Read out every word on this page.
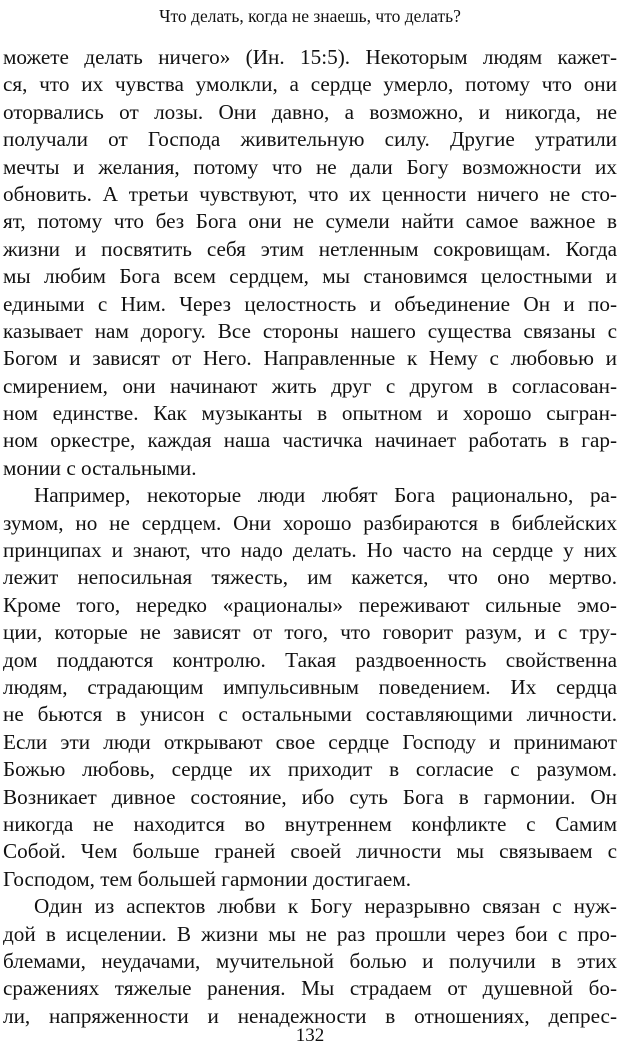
Что делать, когда не знаешь, что делать?
можете делать ничего» (Ин. 15:5). Некоторым людям кажет-
ся, что их чувства умолкли, а сердце умерло, потому что они
оторвались от лозы. Они давно, а возможно, и никогда, не
получали от Господа живительную силу. Другие утратили
мечты и желания, потому что не дали Богу возможности их
обновить. А третьи чувствуют, что их ценности ничего не сто-
ят, потому что без Бога они не сумели найти самое важное в
жизни и посвятить себя этим нетленным сокровищам. Когда
мы любим Бога всем сердцем, мы становимся целостными и
едиными с Ним. Через целостность и объединение Он и по-
казывает нам дорогу. Все стороны нашего существа связаны с
Богом и зависят от Него. Направленные к Нему с любовью и
смирением, они начинают жить друг с другом в согласован-
ном единстве. Как музыканты в опытном и хорошо сыгран-
ном оркестре, каждая наша частичка начинает работать в гар-
монии с остальными.
Например, некоторые люди любят Бога рационально, ра-
зумом, но не сердцем. Они хорошо разбираются в библейских
принципах и знают, что надо делать. Но часто на сердце у них
лежит непосильная тяжесть, им кажется, что оно мертво.
Кроме того, нередко «рационалы» переживают сильные эмо-
ции, которые не зависят от того, что говорит разум, и с тру-
дом поддаются контролю. Такая раздвоенность свойственна
людям, страдающим импульсивным поведением. Их сердца
не бьются в унисон с остальными составляющими личности.
Если эти люди открывают свое сердце Господу и принимают
Божью любовь, сердце их приходит в согласие с разумом.
Возникает дивное состояние, ибо суть Бога в гармонии. Он
никогда не находится во внутреннем конфликте с Самим
Собой. Чем больше граней своей личности мы связываем с
Господом, тем большей гармонии достигаем.
Один из аспектов любви к Богу неразрывно связан с нуж-
дой в исцелении. В жизни мы не раз прошли через бои с про-
блемами, неудачами, мучительной болью и получили в этих
сражениях тяжелые ранения. Мы страдаем от душевной бо-
ли, напряженности и ненадежности в отношениях, депрес-
132
